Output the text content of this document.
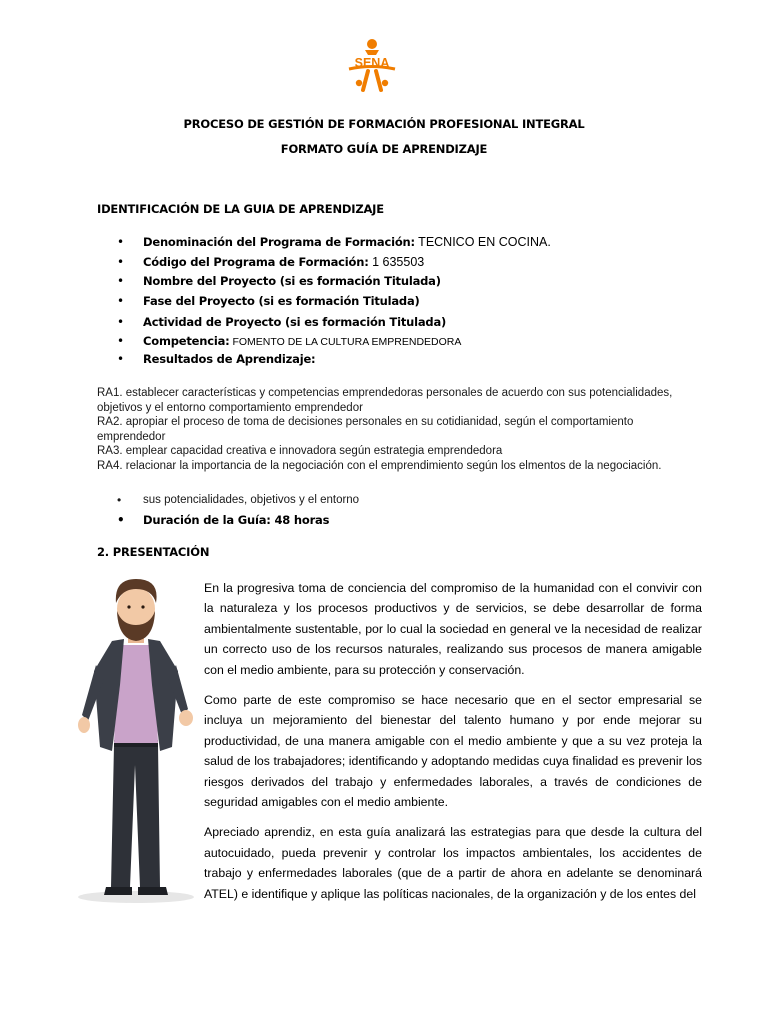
SENA
PROCESO DE GESTIÓN DE FORMACIÓN PROFESIONAL INTEGRAL
FORMATO GUÍA DE APRENDIZAJE
IDENTIFICACIÓN DE LA GUIA DE APRENDIZAJE
• Denominación del Programa de Formación: TECNICO EN COCINA.
• Código del Programa de Formación: 1 635503
• Nombre del Proyecto (si es formación Titulada)
• Fase del Proyecto (si es formación Titulada)
• Actividad de Proyecto (si es formación Titulada)
• Competencia: FOMENTO DE LA CULTURA EMPRENDEDORA
• Resultados de Aprendizaje:

RA1. establecer características y competencias emprendedoras personales de acuerdo con sus potencialidades, objetivos y el entorno comportamiento emprendedor

RA2. apropiar el proceso de toma de decisiones personales en su cotidianidad, según el comportamiento emprendedor

RA3. emplear capacidad creativa e innovadora según estrategia emprendedora

RA4. relacionar la importancia de la negociación con el emprendimiento según los elmentos de la negociación.

• sus potencialidades, objetivos y el entorno
• Duración de la Guía: 48 horas
2. PRESENTACIÓN

En la progresiva toma de conciencia del compromiso de la humanidad con el convivir con la naturaleza y los procesos productivos y de servicios, se debe desarrollar de forma ambientalmente sustentable, por lo cual la sociedad en general ve la necesidad de realizar un correcto uso de los recursos naturales, realizando sus procesos de manera amigable con el medio ambiente, para su protección y conservación.

Como parte de este compromiso se hace necesario que en el sector empresarial se incluya un mejoramiento del bienestar del talento humano y por ende mejorar su productividad, de una manera amigable con el medio ambiente y que a su vez proteja la salud de los trabajadores; identificando y adoptando medidas cuya finalidad es prevenir los riesgos derivados del trabajo y enfermedades laborales, a través de condiciones de seguridad amigables con el medio ambiente.

Apreciado aprendiz, en esta guía analizará las estrategias para que desde la cultura del autocuidado, pueda prevenir y controlar los impactos ambientales, los accidentes de trabajo y enfermedades laborales (que de a partir de ahora en adelante se denominará ATEL) e identifique y aplique las políticas nacionales, de la organización y de los entes del
